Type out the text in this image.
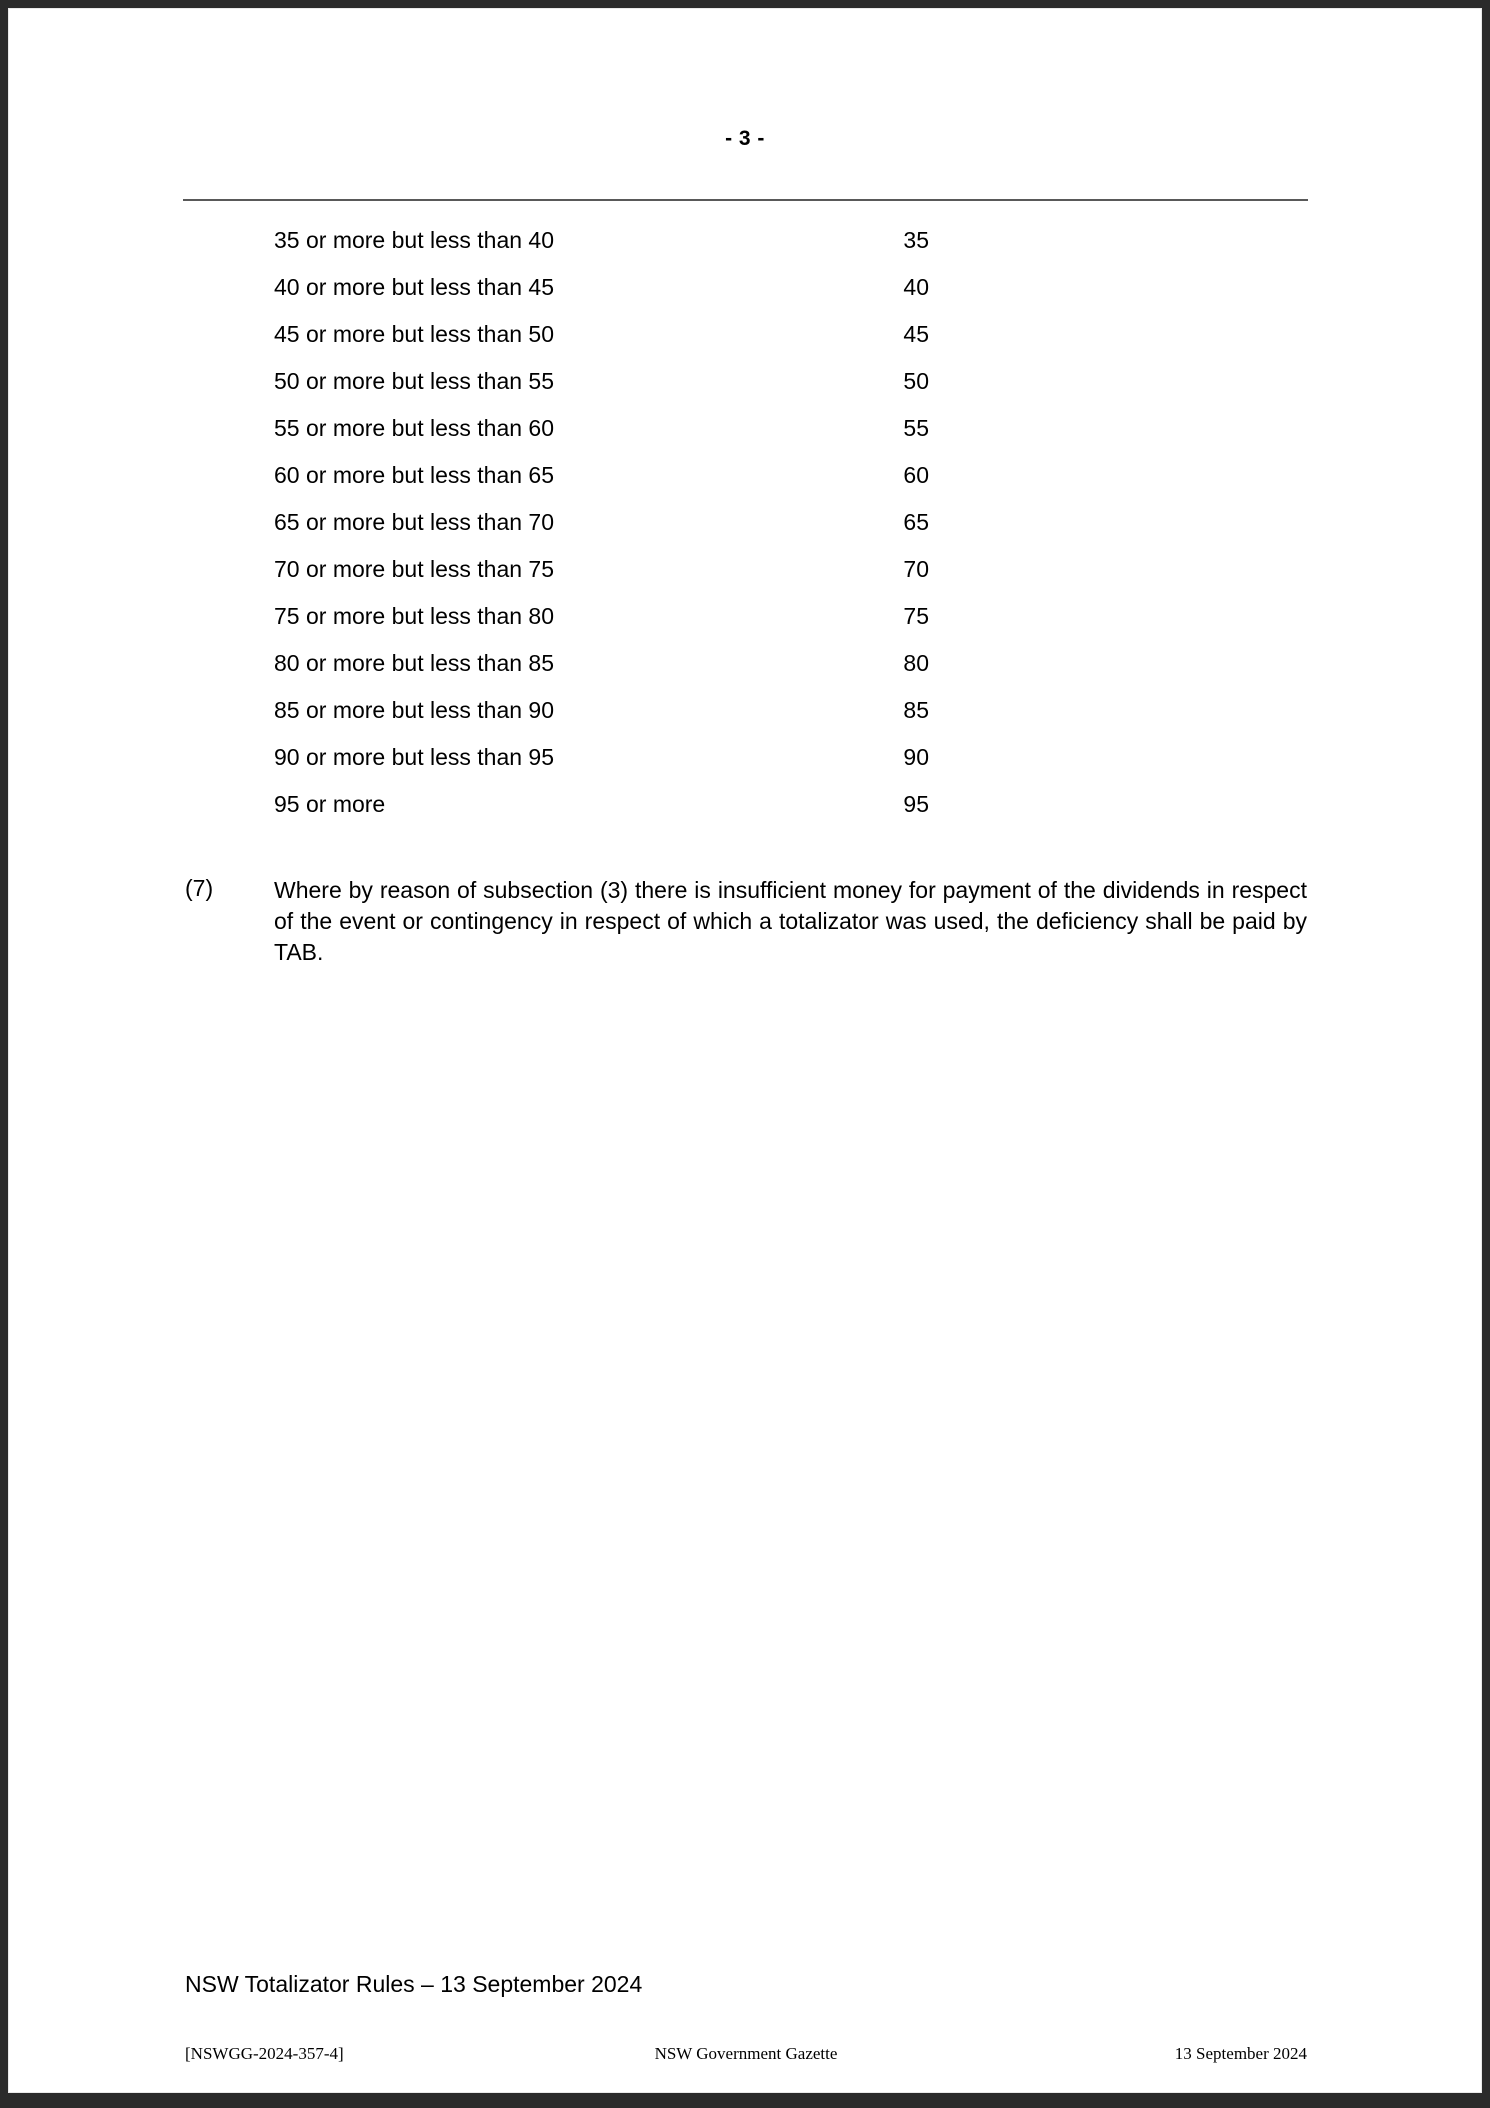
- 3 -
35 or more but less than 40	35
40 or more but less than 45	40
45 or more but less than 50	45
50 or more but less than 55	50
55 or more but less than 60	55
60 or more but less than 65	60
65 or more but less than 70	65
70 or more but less than 75	70
75 or more but less than 80	75
80 or more but less than 85	80
85 or more but less than 90	85
90 or more but less than 95	90
95 or more	95
(7)	Where by reason of subsection (3) there is insufficient money for payment of the dividends in respect of the event or contingency in respect of which a totalizator was used, the deficiency shall be paid by TAB.
NSW Totalizator Rules – 13 September 2024
[NSWGG-2024-357-4]	NSW Government Gazette	13 September 2024
